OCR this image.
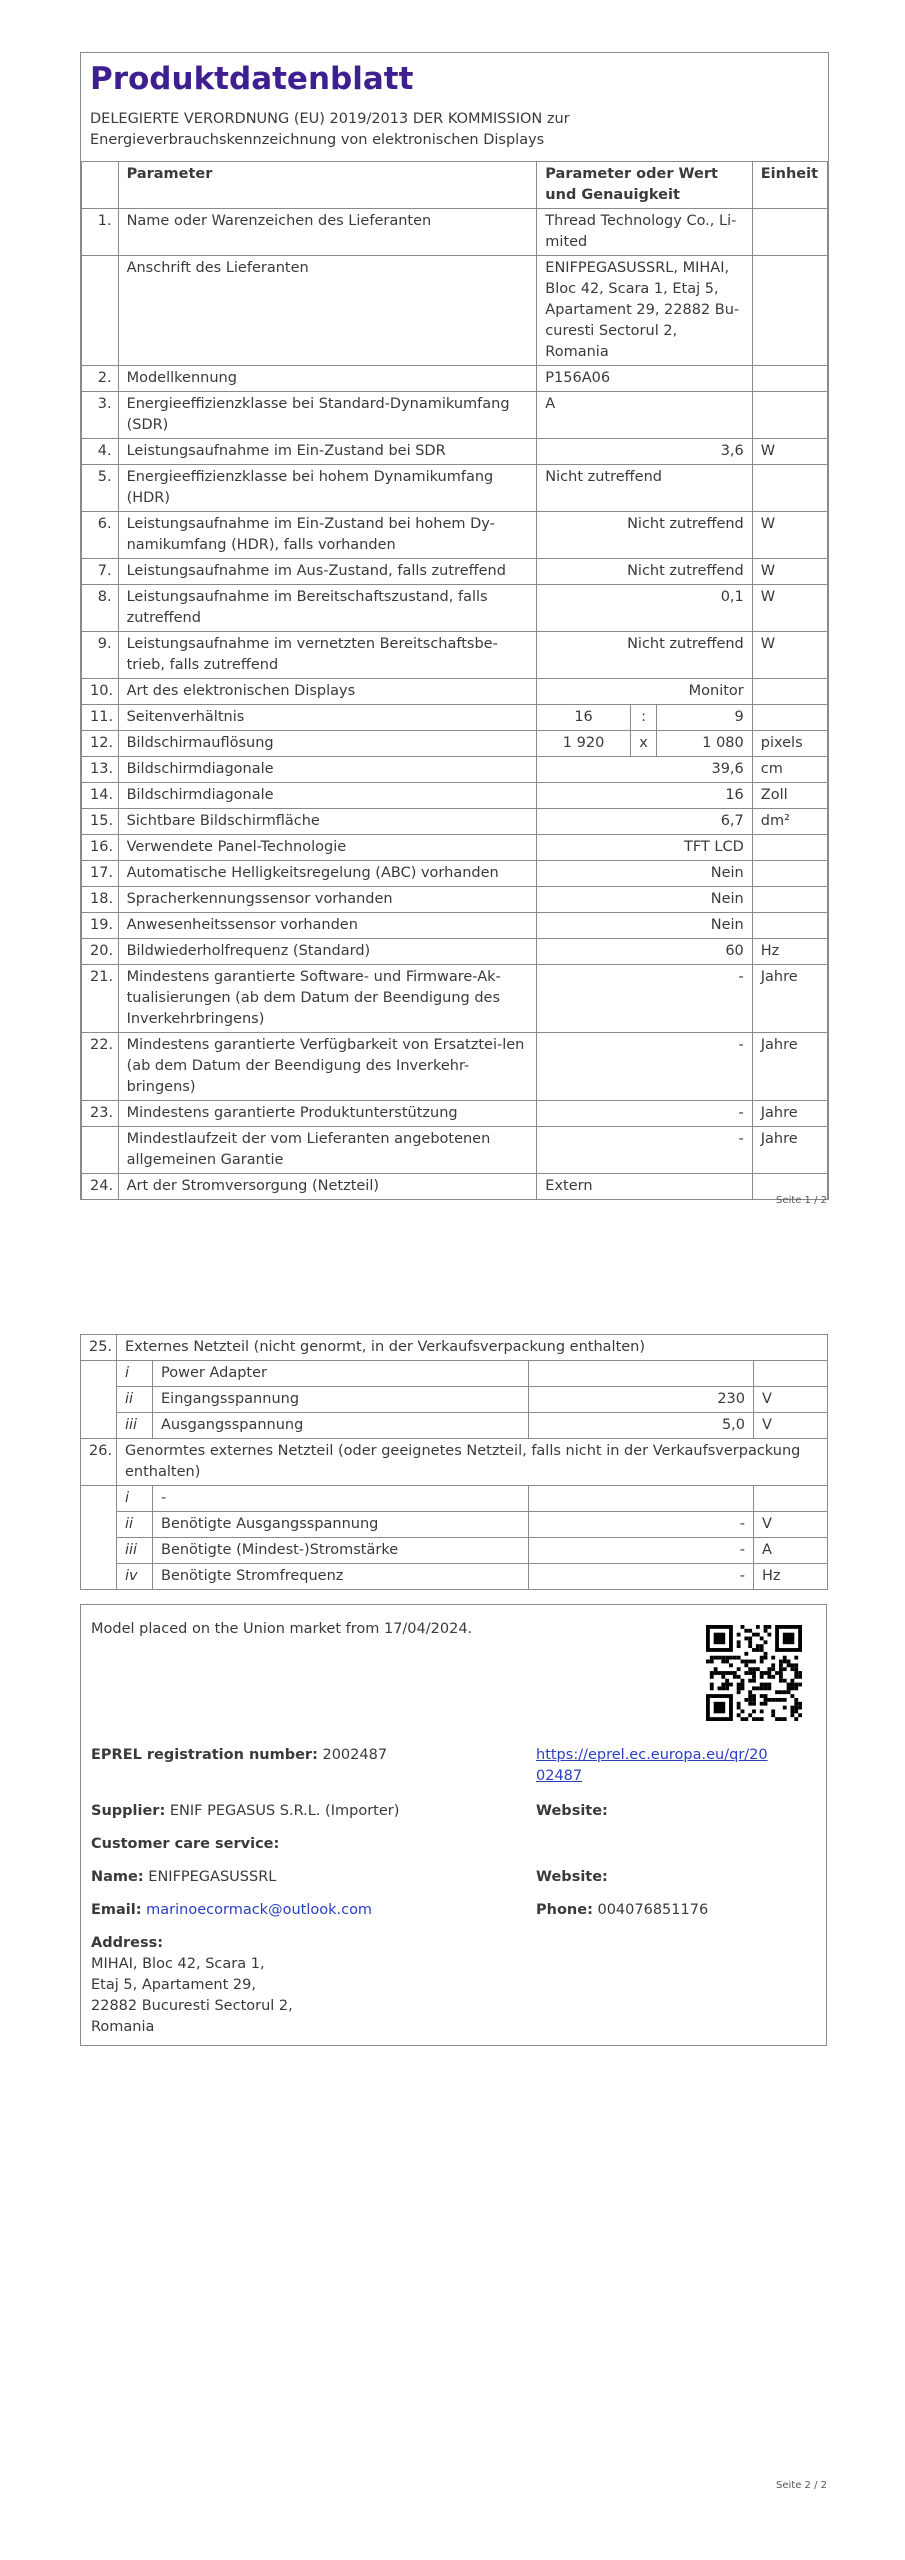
Produktdatenblatt
DELEGIERTE VERORDNUNG (EU) 2019/2013 DER KOMMISSION zur Energieverbrauchskennzeichnung von elektronischen Displays
	Parameter	Parameter oder Wert und Genauigkeit			Einheit
1.	Name oder Warenzeichen des Lieferanten	Thread Technology Co., Li-mited			
	Anschrift des Lieferanten	ENIFPEGASUSSRL, MIHAI, Bloc 42, Scara 1, Etaj 5, Apartament 29, 22882 Bu-curesti Sectorul 2, Romania			
2.	Modellkennung	P156A06			
3.	Energieeffizienzklasse bei Standard-Dynamikumfang (SDR)	A			
4.	Leistungsaufnahme im Ein-Zustand bei SDR	3,6			W
5.	Energieeffizienzklasse bei hohem Dynamikumfang (HDR)	Nicht zutreffend			
6.	Leistungsaufnahme im Ein-Zustand bei hohem Dy-namikumfang (HDR), falls vorhanden	Nicht zutreffend			W
7.	Leistungsaufnahme im Aus-Zustand, falls zutreffend	Nicht zutreffend			W
8.	Leistungsaufnahme im Bereitschaftszustand, falls zutreffend	0,1			W
9.	Leistungsaufnahme im vernetzten Bereitschaftsbe-trieb, falls zutreffend	Nicht zutreffend			W
10.	Art des elektronischen Displays	Monitor			
11.	Seitenverhältnis	16	:	9	
12.	Bildschirmauflösung	1 920	x	1 080	pixels
13.	Bildschirmdiagonale	39,6			cm
14.	Bildschirmdiagonale	16			Zoll
15.	Sichtbare Bildschirmfläche	6,7			dm²
16.	Verwendete Panel-Technologie	TFT LCD			
17.	Automatische Helligkeitsregelung (ABC) vorhanden	Nein			
18.	Spracherkennungssensor vorhanden	Nein			
19.	Anwesenheitssensor vorhanden	Nein			
20.	Bildwiederholfrequenz (Standard)	60			Hz
21.	Mindestens garantierte Software- und Firmware-Ak-tualisierungen (ab dem Datum der Beendigung des Inverkehrbringens)	-			Jahre
22.	Mindestens garantierte Verfügbarkeit von Ersatztei-len (ab dem Datum der Beendigung des Inverkehr-bringens)	-			Jahre
23.	Mindestens garantierte Produktunterstützung	-			Jahre
	Mindestlaufzeit der vom Lieferanten angebotenen allgemeinen Garantie	-			Jahre
24.	Art der Stromversorgung (Netzteil)	Extern			
Seite 1 / 2
25.	Externes Netzteil (nicht genormt, in der Verkaufsverpackung enthalten)			
	i	Power Adapter		
	ii	Eingangsspannung	230	V
	iii	Ausgangsspannung	5,0	V
26.	Genormtes externes Netzteil (oder geeignetes Netzteil, falls nicht in der Verkaufsverpackung enthalten)			
	i	-		
	ii	Benötigte Ausgangsspannung	-	V
	iii	Benötigte (Mindest-)Stromstärke	-	A
	iv	Benötigte Stromfrequenz	-	Hz
Model placed on the Union market from 17/04/2024.
EPREL registration number: 2002487	https://eprel.ec.europa.eu/qr/20
02487
Supplier: ENIF PEGASUS S.R.L. (Importer)	Website:
Customer care service:
Name: ENIFPEGASUSSRL	Website:
Email: marinoecormack@outlook.com	Phone: 004076851176
Address:
MIHAI, Bloc 42, Scara 1,
Etaj 5, Apartament 29,
22882 Bucuresti Sectorul 2,
Romania
Seite 2 / 2
